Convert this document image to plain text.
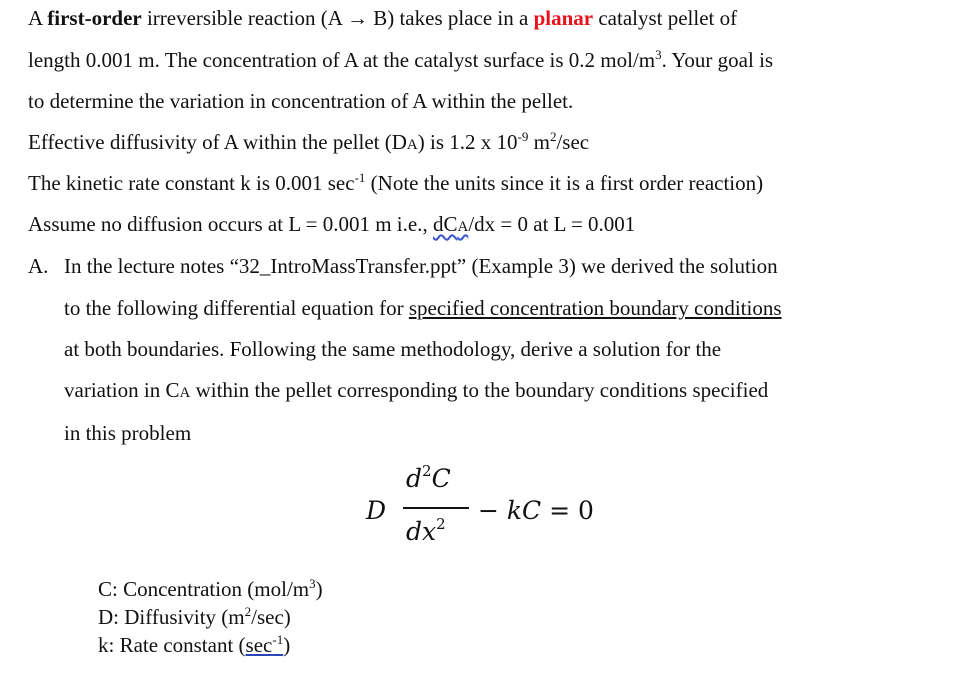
A first-order irreversible reaction (A → B) takes place in a planar catalyst pellet of
length 0.001 m. The concentration of A at the catalyst surface is 0.2 mol/$m^3$. Your goal is
to determine the variation in concentration of A within the pellet.
Effective diffusivity of A within the pellet (DA) is 1.2 x $10^{-9}$ $m^2/\sec$
The kinetic rate constant k is 0.001 $\sec^{-1}$ (Note the units since it is a first order reaction)
Assume no diffusion occurs at L = 0.001 m i.e., dCA/dx = 0 at L = 0.001
A. In the lecture notes “32_IntroMassTransfer.ppt” (Example 3) we derived the solution
to the following differential equation for specified concentration boundary conditions
at both boundaries. Following the same methodology, derive a solution for the
variation in CA within the pellet corresponding to the boundary conditions specified
in this problem
D
$d^2C$
$dx^2$ − kC = 0
C: Concentration $(mol/m^3)$
D: Diffusivity $(m^2/\sec)$
k: Rate constant $(\sec^{-1})$
